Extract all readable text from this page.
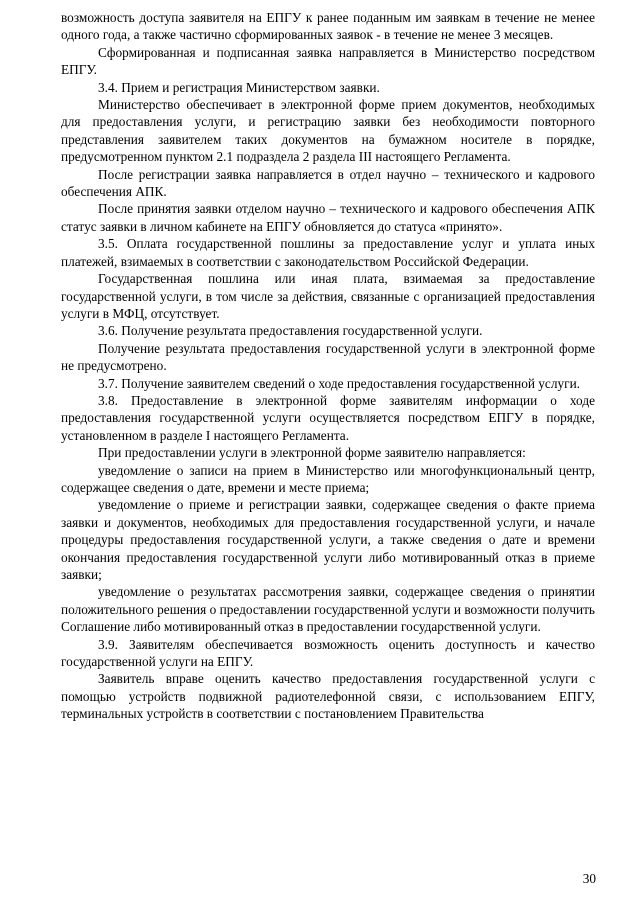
возможность доступа заявителя на ЕПГУ к ранее поданным им заявкам в течение не менее одного года, а также частично сформированных заявок - в течение не менее 3 месяцев.

Сформированная и подписанная заявка направляется в Министерство посредством ЕПГУ.

3.4. Прием и регистрация Министерством заявки.

Министерство обеспечивает в электронной форме прием документов, необходимых для предоставления услуги, и регистрацию заявки без необходимости повторного представления заявителем таких документов на бумажном носителе в порядке, предусмотренном пунктом 2.1 подраздела 2 раздела III настоящего Регламента.

После регистрации заявка направляется в отдел научно – технического и кадрового обеспечения АПК.

После принятия заявки отделом научно – технического и кадрового обеспечения АПК статус заявки в личном кабинете на ЕПГУ обновляется до статуса «принято».

3.5. Оплата государственной пошлины за предоставление услуг и уплата иных платежей, взимаемых в соответствии с законодательством Российской Федерации.

Государственная пошлина или иная плата, взимаемая за предоставление государственной услуги, в том числе за действия, связанные с организацией предоставления услуги в МФЦ, отсутствует.

3.6. Получение результата предоставления государственной услуги.

Получение результата предоставления государственной услуги в электронной форме не предусмотрено.

3.7. Получение заявителем сведений о ходе предоставления государственной услуги.

3.8. Предоставление в электронной форме заявителям информации о ходе предоставления государственной услуги осуществляется посредством ЕПГУ в порядке, установленном в разделе I настоящего Регламента.

При предоставлении услуги в электронной форме заявителю направляется:

уведомление о записи на прием в Министерство или многофункциональный центр, содержащее сведения о дате, времени и месте приема;

уведомление о приеме и регистрации заявки, содержащее сведения о факте приема заявки и документов, необходимых для предоставления государственной услуги, и начале процедуры предоставления государственной услуги, а также сведения о дате и времени окончания предоставления государственной услуги либо мотивированный отказ в приеме заявки;

уведомление о результатах рассмотрения заявки, содержащее сведения о принятии положительного решения о предоставлении государственной услуги и возможности получить Соглашение либо мотивированный отказ в предоставлении государственной услуги.

3.9. Заявителям обеспечивается возможность оценить доступность и качество государственной услуги на ЕПГУ.

Заявитель вправе оценить качество предоставления государственной услуги с помощью устройств подвижной радиотелефонной связи, с использованием ЕПГУ, терминальных устройств в соответствии с постановлением Правительства

30
